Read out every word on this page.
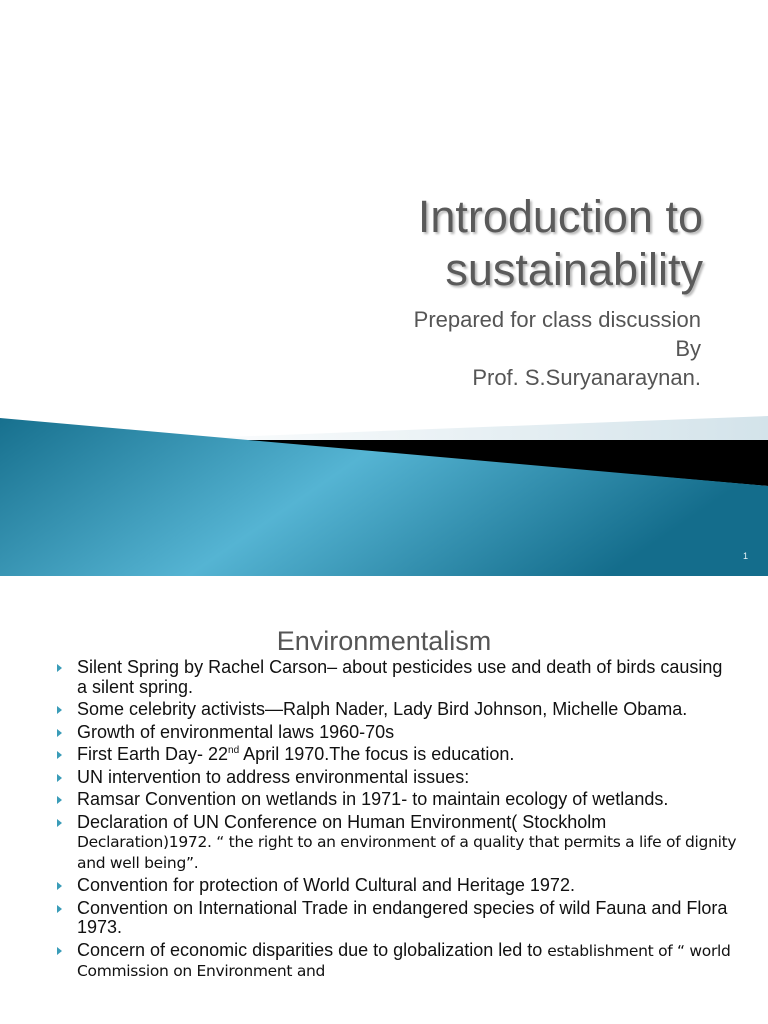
Introduction to
sustainability
Prepared for class discussion
By
Prof. S.Suryanaraynan.
1
Environmentalism
Silent Spring by Rachel Carson– about pesticides use and death of birds causing a silent spring.
Some celebrity activists—Ralph Nader, Lady Bird Johnson, Michelle Obama.
Growth of environmental laws 1960-70s
First Earth Day- 22nd April 1970.The focus is education.
UN intervention to address environmental issues:
Ramsar Convention on wetlands in 1971- to maintain ecology of wetlands.
Declaration of UN Conference on Human Environment( Stockholm Declaration)1972. “ the right to an environment of a quality that permits a life of dignity and well being”.
Convention for protection of World Cultural and Heritage 1972.
Convention on International Trade in endangered species of wild Fauna and Flora 1973.
Concern of economic disparities due to globalization led to establishment of “ world Commission on Environment and
